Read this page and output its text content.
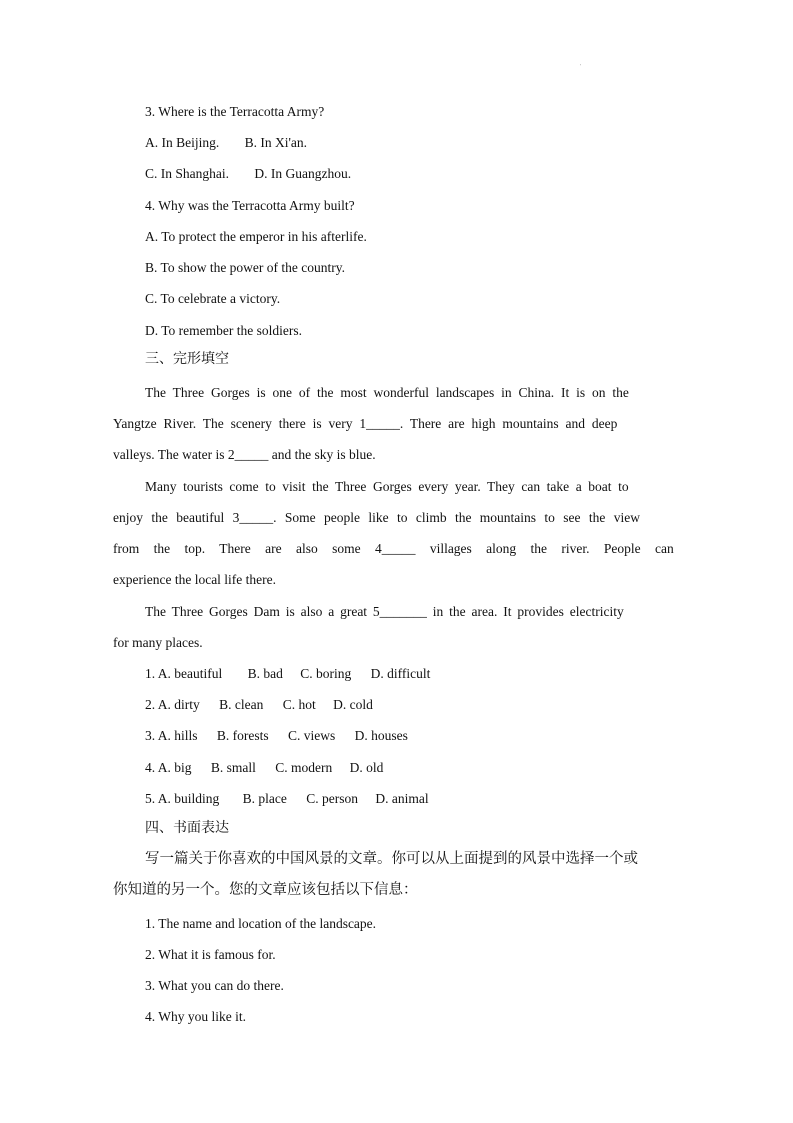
'
3. Where is the Terracotta Army?
A. In Beijing. B. In Xi'an.
C. In Shanghai. D. In Guangzhou.
4. Why was the Terracotta Army built?
A. To protect the emperor in his afterlife.
B. To show the power of the country.
C. To celebrate a victory.
D. To remember the soldiers.
三、完形填空
The Three Gorges is one of the most wonderful landscapes in China. It is on the
Yangtze River. The scenery there is very 1_____. There are high mountains and deep
valleys. The water is 2_____ and the sky is blue.
Many tourists come to visit the Three Gorges every year. They can take a boat to
enjoy the beautiful 3_____. Some people like to climb the mountains to see the view
from the top. There are also some 4_____ villages along the river. People can
experience the local life there.
The Three Gorges Dam is also a great 5_______ in the area. It provides electricity
for many places.
1. A. beautiful B. bad C. boring D. difficult
2. A. dirty B. clean C. hot D. cold
3. A. hills B. forests C. views D. houses
4. A. big B. small C. modern D. old
5. A. building B. place C. person D. animal
四、书面表达
写一篇关于你喜欢的中国风景的文章。你可以从上面提到的风景中选择一个或
你知道的另一个。您的文章应该包括以下信息：
1. The name and location of the landscape.
2. What it is famous for.
3. What you can do there.
4. Why you like it.
